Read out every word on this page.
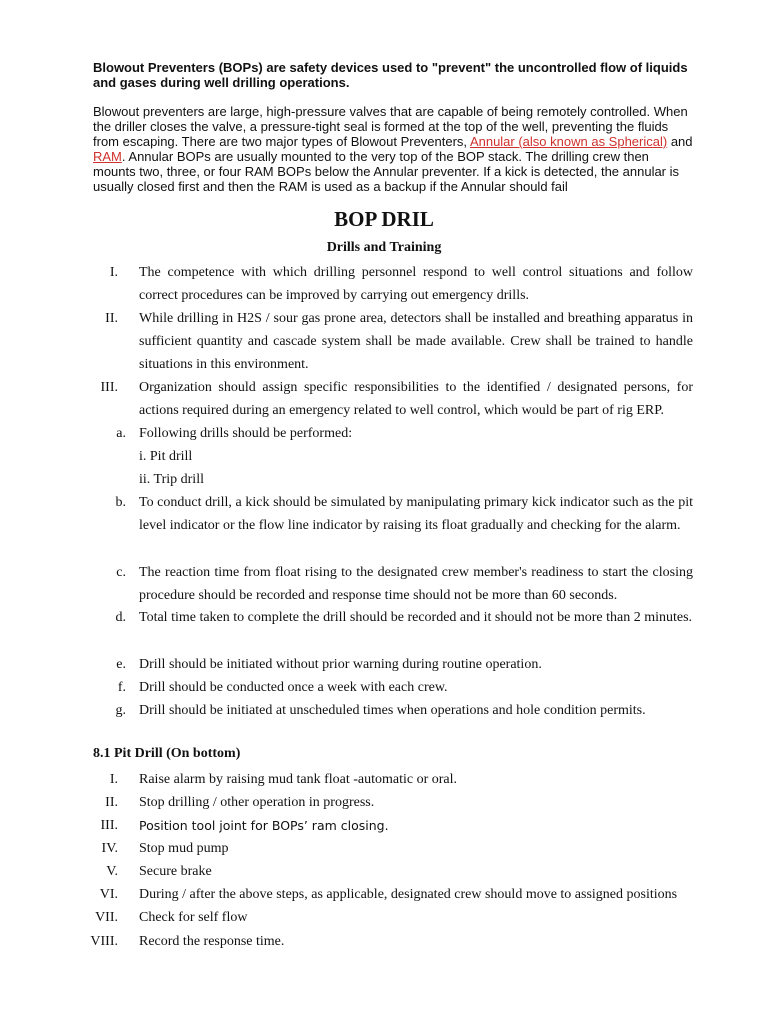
Blowout Preventers (BOPs) are safety devices used to "prevent" the uncontrolled flow of liquids and gases during well drilling operations.
Blowout preventers are large, high-pressure valves that are capable of being remotely controlled. When the driller closes the valve, a pressure-tight seal is formed at the top of the well, preventing the fluids from escaping. There are two major types of Blowout Preventers, Annular (also known as Spherical) and RAM. Annular BOPs are usually mounted to the very top of the BOP stack. The drilling crew then mounts two, three, or four RAM BOPs below the Annular preventer. If a kick is detected, the annular is usually closed first and then the RAM is used as a backup if the Annular should fail
BOP DRIL
Drills and Training
I. The competence with which drilling personnel respond to well control situations and follow correct procedures can be improved by carrying out emergency drills.
II. While drilling in H2S / sour gas prone area, detectors shall be installed and breathing apparatus in sufficient quantity and cascade system shall be made available. Crew shall be trained to handle situations in this environment.
III. Organization should assign specific responsibilities to the identified / designated persons, for actions required during an emergency related to well control, which would be part of rig ERP.
a. Following drills should be performed:
i. Pit drill
ii. Trip drill
b. To conduct drill, a kick should be simulated by manipulating primary kick indicator such as the pit level indicator or the flow line indicator by raising its float gradually and checking for the alarm.
c. The reaction time from float rising to the designated crew member's readiness to start the closing procedure should be recorded and response time should not be more than 60 seconds.
d. Total time taken to complete the drill should be recorded and it should not be more than 2 minutes.
e. Drill should be initiated without prior warning during routine operation.
f. Drill should be conducted once a week with each crew.
g. Drill should be initiated at unscheduled times when operations and hole condition permits.
8.1 Pit Drill (On bottom)
I. Raise alarm by raising mud tank float -automatic or oral.
II. Stop drilling / other operation in progress.
III. Position tool joint for BOPs’ ram closing.
IV. Stop mud pump
V. Secure brake
VI. During / after the above steps, as applicable, designated crew should move to assigned positions
VII. Check for self flow
VIII. Record the response time.
